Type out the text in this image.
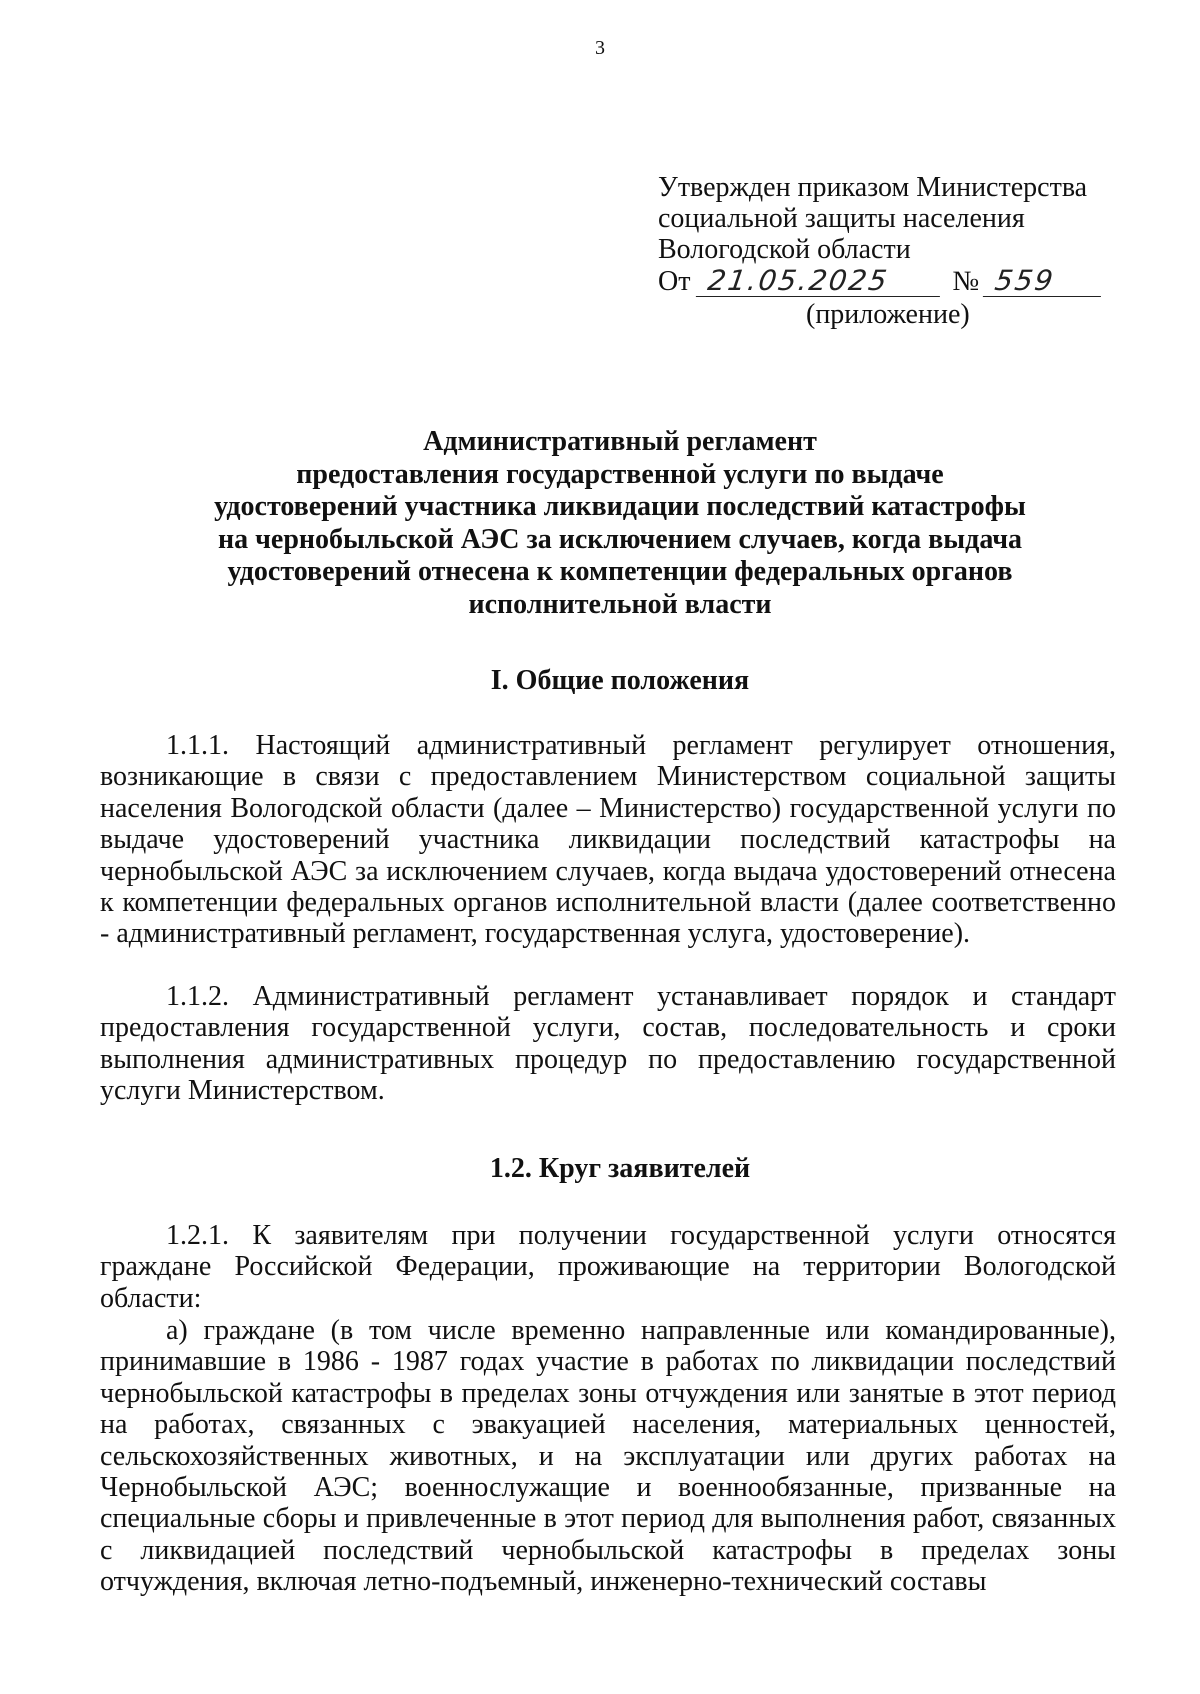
3
Утвержден приказом Министерства
социальной защиты населения
Вологодской области
От 21.05.2025	№ 559
(приложение)
Административный регламент
предоставления государственной услуги по выдаче
удостоверений участника ликвидации последствий катастрофы
на чернобыльской АЭС за исключением случаев, когда выдача
удостоверений отнесена к компетенции федеральных органов
исполнительной власти
I. Общие положения

1.1.1. Настоящий административный регламент регулирует отношения, возникающие в связи с предоставлением Министерством социальной защиты населения Вологодской области (далее – Министерство) государственной услуги по выдаче удостоверений участника ликвидации последствий катастрофы на чернобыльской АЭС за исключением случаев, когда выдача удостоверений отнесена к компетенции федеральных органов исполнительной власти (далее соответственно - административный регламент, государственная услуга, удостоверение).

1.1.2. Административный регламент устанавливает порядок и стандарт предоставления государственной услуги, состав, последовательность и сроки выполнения административных процедур по предоставлению государственной услуги Министерством.

1.2. Круг заявителей

1.2.1. К заявителям при получении государственной услуги относятся граждане Российской Федерации, проживающие на территории Вологодской области:

а) граждане (в том числе временно направленные или командированные), принимавшие в 1986 - 1987 годах участие в работах по ликвидации последствий чернобыльской катастрофы в пределах зоны отчуждения или занятые в этот период на работах, связанных с эвакуацией населения, материальных ценностей, сельскохозяйственных животных, и на эксплуатации или других работах на Чернобыльской АЭС; военнослужащие и военнообязанные, призванные на специальные сборы и привлеченные в этот период для выполнения работ, связанных с ликвидацией последствий чернобыльской катастрофы в пределах зоны отчуждения, включая летно-подъемный, инженерно-технический составы
